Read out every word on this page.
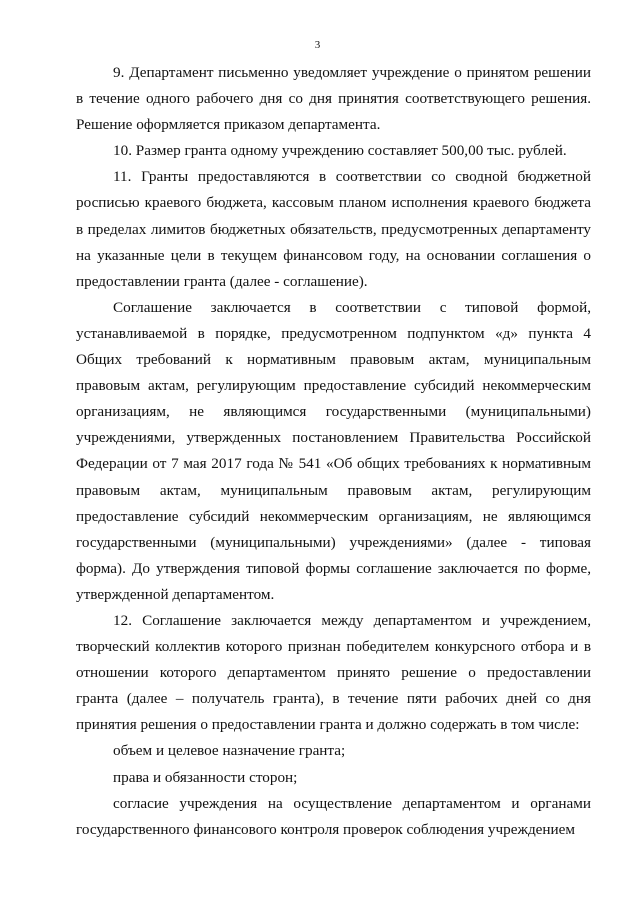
3

9. Департамент письменно уведомляет учреждение о принятом решении в течение одного рабочего дня со дня принятия соответствующего решения. Решение оформляется приказом департамента.

10. Размер гранта одному учреждению составляет 500,00 тыс. рублей.

11. Гранты предоставляются в соответствии со сводной бюджетной росписью краевого бюджета, кассовым планом исполнения краевого бюджета в пределах лимитов бюджетных обязательств, предусмотренных департаменту на указанные цели в текущем финансовом году, на основании соглашения о предоставлении гранта (далее - соглашение).

Соглашение заключается в соответствии с типовой формой, устанавливаемой в порядке, предусмотренном подпунктом «д» пункта 4 Общих требований к нормативным правовым актам, муниципальным правовым актам, регулирующим предоставление субсидий некоммерческим организациям, не являющимся государственными (муниципальными) учреждениями, утвержденных постановлением Правительства Российской Федерации от 7 мая 2017 года № 541 «Об общих требованиях к нормативным правовым актам, муниципальным правовым актам, регулирующим предоставление субсидий некоммерческим организациям, не являющимся государственными (муниципальными) учреждениями» (далее - типовая форма). До утверждения типовой формы соглашение заключается по форме, утвержденной департаментом.

12. Соглашение заключается между департаментом и учреждением, творческий коллектив которого признан победителем конкурсного отбора и в отношении которого департаментом принято решение о предоставлении гранта (далее – получатель гранта), в течение пяти рабочих дней со дня принятия решения о предоставлении гранта и должно содержать в том числе:

объем и целевое назначение гранта;

права и обязанности сторон;

согласие учреждения на осуществление департаментом и органами государственного финансового контроля проверок соблюдения учреждением
